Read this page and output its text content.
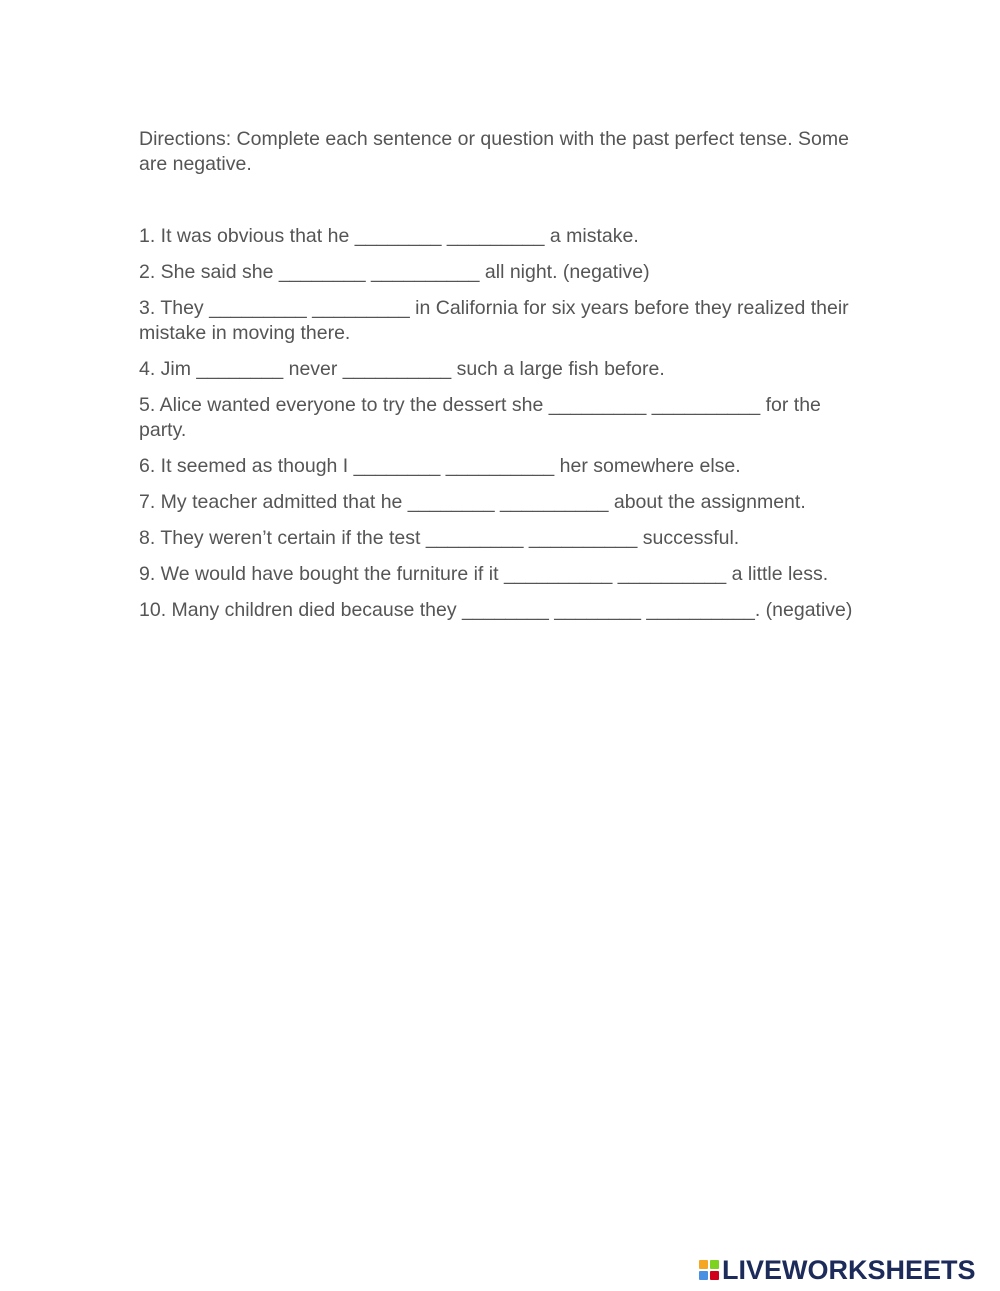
Directions: Complete each sentence or question with the past perfect tense. Some are negative.

1. It was obvious that he ________ _________ a mistake.
2. She said she ________ __________ all night. (negative)
3. They _________ _________ in California for six years before they realized their mistake in moving there.
4. Jim ________ never __________ such a large fish before.
5. Alice wanted everyone to try the dessert she _________ __________ for the party.
6. It seemed as though I ________ __________ her somewhere else.
7. My teacher admitted that he ________ __________ about the assignment.
8. They weren’t certain if the test _________ __________ successful.
9. We would have bought the furniture if it __________ __________ a little less.
10. Many children died because they ________ ________ __________. (negative)
LIVEWORKSHEETS
